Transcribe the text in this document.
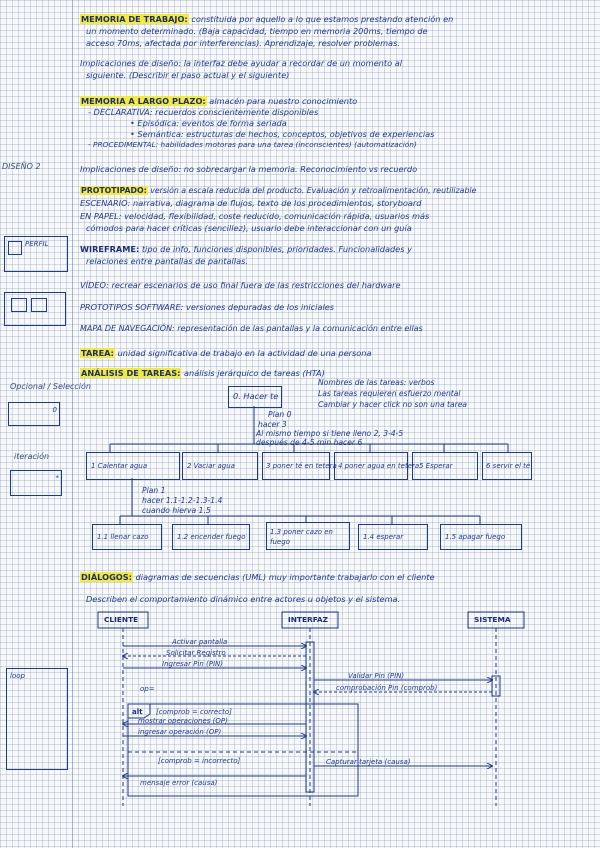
DISEÑO 2
PERFIL
Opcional / Selección
0
iteración
*
loop
MEMORIA DE TRABAJO: constituida por aquello a lo que estamos prestando atención en
un momento determinado. (Baja capacidad, tiempo en memoria 200ms, tiempo de
acceso 70ms, afectada por interferencias). Aprendizaje, resolver problemas.
Implicaciones de diseño: la interfaz debe ayudar a recordar de un momento al
siguiente. (Describir el paso actual y el siguiente)
MEMORIA A LARGO PLAZO: almacén para nuestro conocimiento
- DECLARATIVA: recuerdos conscientemente disponibles
• Episódica: eventos de forma seriada
• Semántica: estructuras de hechos, conceptos, objetivos de experiencias
- PROCEDIMENTAL: habilidades motoras para una tarea (inconscientes) (automatización)
Implicaciones de diseño: no sobrecargar la memoria. Reconocimiento vs recuerdo
PROTOTIPADO: versión a escala reducida del producto. Evaluación y retroalimentación, reutilizable
ESCENARIO: narrativa, diagrama de flujos, texto de los procedimientos, storyboard
EN PAPEL: velocidad, flexibilidad, coste reducido, comunicación rápida, usuarios más
cómodos para hacer críticas (sencillez), usuario debe interaccionar con un guía
WIREFRAME: tipo de info, funciones disponibles, prioridades. Funcionalidades y
relaciones entre pantallas de pantallas.
VÍDEO: recrear escenarios de uso final fuera de las restricciones del hardware
PROTOTIPOS SOFTWARE: versiones depuradas de los iniciales
MAPA DE NAVEGACIÓN: representación de las pantallas y la comunicación entre ellas
TAREA: unidad significativa de trabajo en la actividad de una persona
ANÁLISIS DE TAREAS: análisis jerárquico de tareas (HTA)
0. Hacer te
Nombres de las tareas: verbos
Las tareas requieren esfuerzo mental
Cambiar y hacer click no son una tarea
Plan 0
hacer 3
Al mismo tiempo si tiene lleno 2, 3-4-5
después de 4-5 min hacer 6
1 Calentar agua	2 Vaciar agua	3 poner té en tetera 4 poner agua en tetera 5 Esperar	6 servir el té
Plan 1
hacer 1.1-1.2-1.3-1.4
cuando hierva 1.5
1.1 llenar cazo	1.2 encender fuego
1.3 poner cazo en fuego
1.4 esperar	1.5 apagar fuego
DIÁLOGOS: diagramas de secuencias (UML) muy importante trabajarlo con el cliente
Describen el comportamiento dinámico entre actores u objetos y el sistema.
CLIENTE	INTERFAZ	SISTEMA
Activar pantalla
Solicitar Registro
Ingresar Pin (PIN)
Validar Pin (PIN)
comprobación Pin (comprob)
op=
alt [comprob = correcto]
mostrar operaciones (OP)
ingresar operación (OP)
[comprob = incorrecto]
mensaje error (causa)
Capturar tarjeta (causa)
